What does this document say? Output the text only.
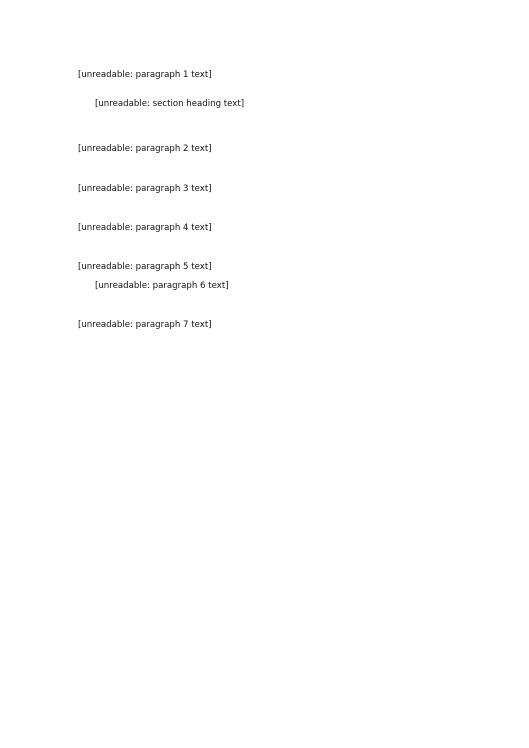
[unreadable: paragraph 1 text]

[unreadable: section heading text]

[unreadable: paragraph 2 text]

[unreadable: paragraph 3 text]

[unreadable: paragraph 4 text]

[unreadable: paragraph 5 text]

[unreadable: paragraph 6 text]

[unreadable: paragraph 7 text]
